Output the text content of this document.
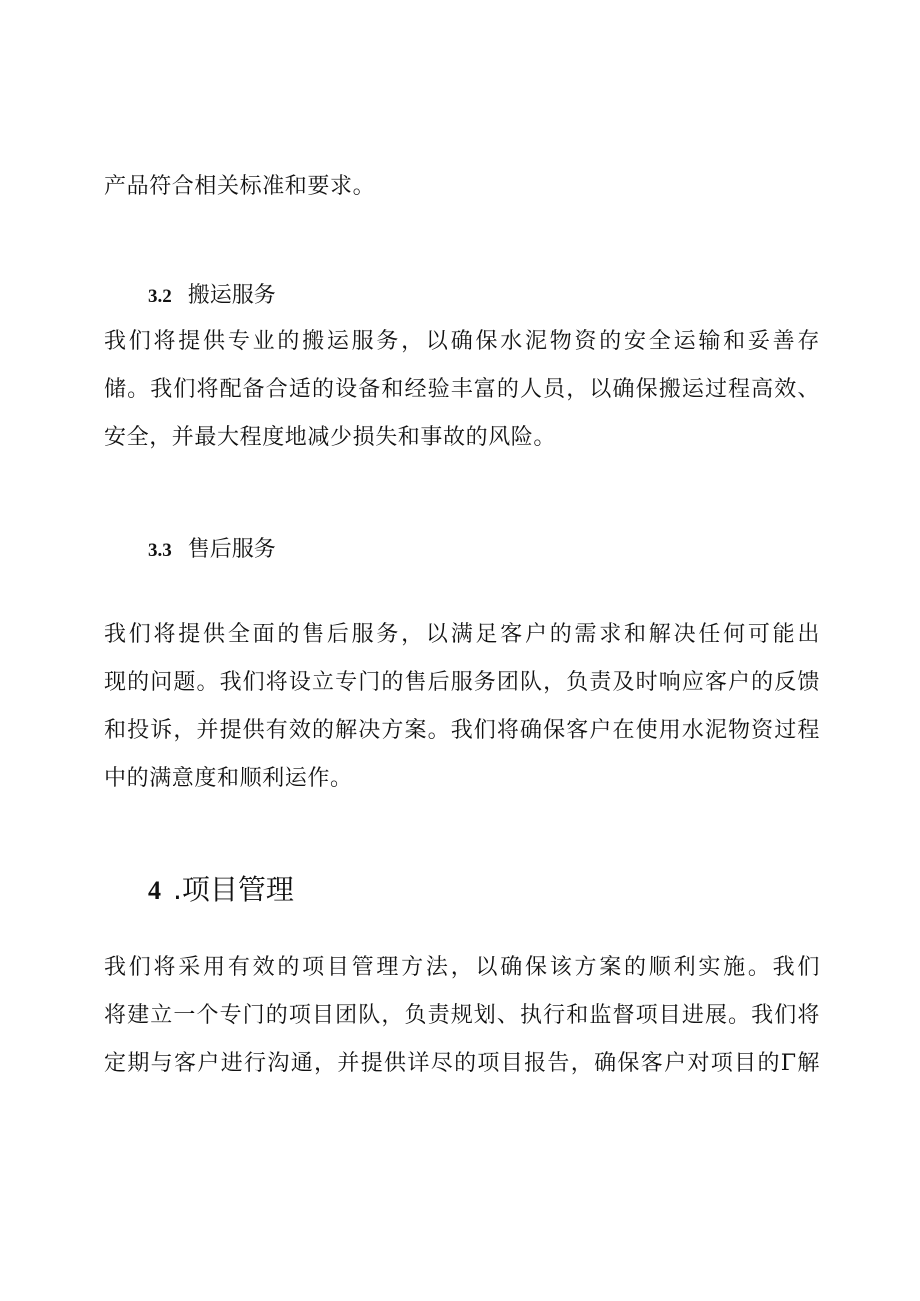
产品符合相关标准和要求。
3.2 搬运服务
我们将提供专业的搬运服务，以确保水泥物资的安全运输和妥善存
储。我们将配备合适的设备和经验丰富的人员，以确保搬运过程高效、
安全，并最大程度地减少损失和事故的风险。
3.3 售后服务
我们将提供全面的售后服务，以满足客户的需求和解决任何可能出
现的问题。我们将设立专门的售后服务团队，负责及时响应客户的反馈
和投诉，并提供有效的解决方案。我们将确保客户在使用水泥物资过程
中的满意度和顺利运作。
4 .项目管理
我们将采用有效的项目管理方法，以确保该方案的顺利实施。我们
将建立一个专门的项目团队，负责规划、执行和监督项目进展。我们将
定期与客户进行沟通，并提供详尽的项目报告，确保客户对项目的Γ解
